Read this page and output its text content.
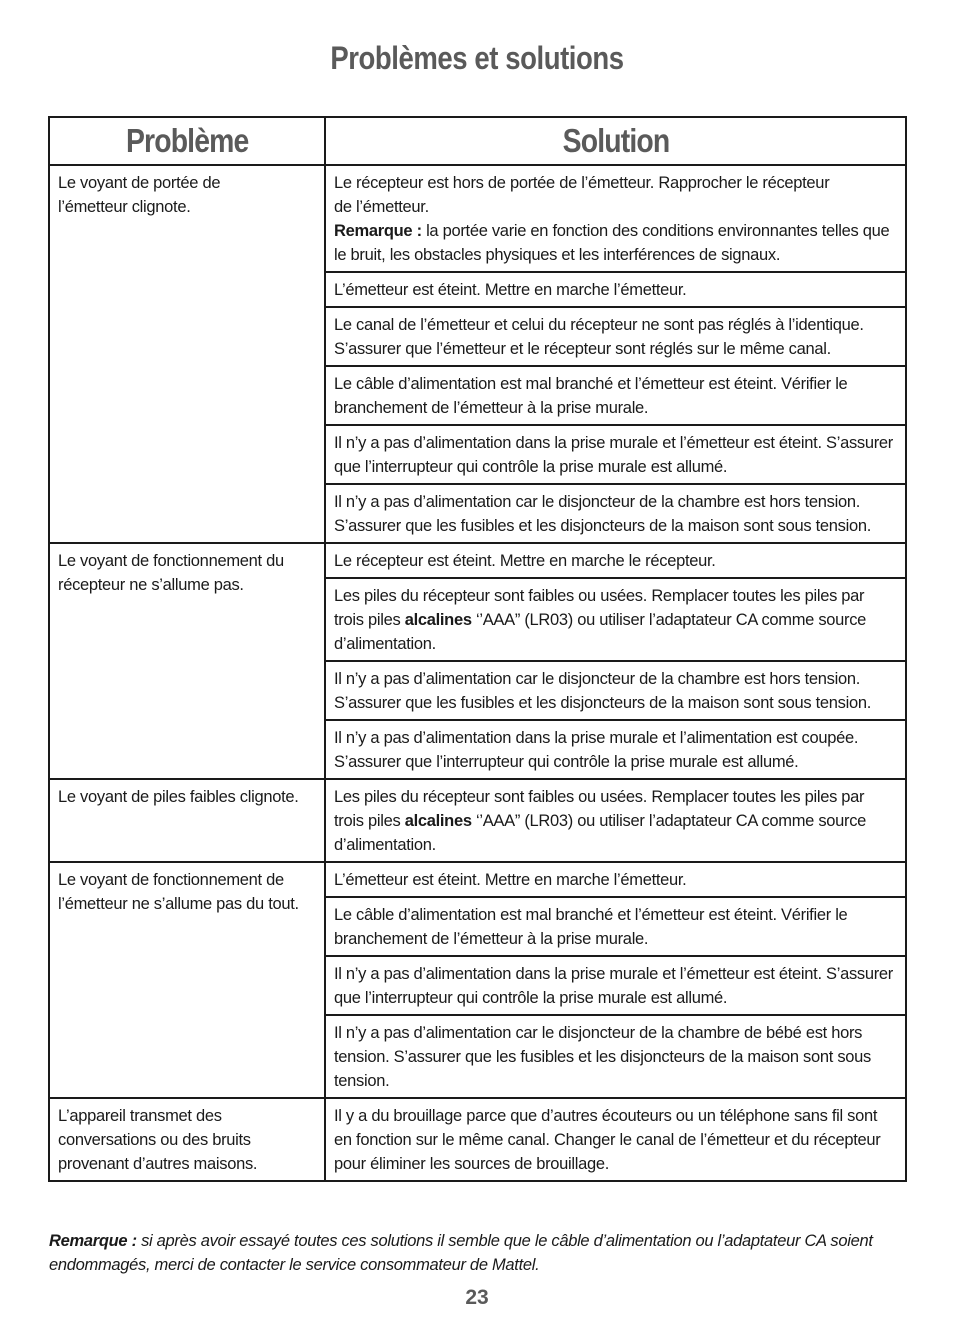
Problèmes et solutions
Problème	Solution
Le voyant de portée de
l’émetteur clignote.	Le récepteur est hors de portée de l’émetteur. Rapprocher le récepteur
de l’émetteur.
Remarque : la portée varie en fonction des conditions environnantes telles que le bruit, les obstacles physiques et les interférences de signaux.
	L’émetteur est éteint. Mettre en marche l’émetteur.
	Le canal de l’émetteur et celui du récepteur ne sont pas réglés à l’identique. S’assurer que l’émetteur et le récepteur sont réglés sur le même canal.
	Le câble d’alimentation est mal branché et l’émetteur est éteint. Vérifier le branchement de l’émetteur à la prise murale.
	Il n’y a pas d’alimentation dans la prise murale et l’émetteur est éteint. S’assurer que l’interrupteur qui contrôle la prise murale est allumé.
	Il n’y a pas d’alimentation car le disjoncteur de la chambre est hors tension. S’assurer que les fusibles et les disjoncteurs de la maison sont sous tension.
Le voyant de fonctionnement du
récepteur ne s’allume pas.	Le récepteur est éteint. Mettre en marche le récepteur.
	Les piles du récepteur sont faibles ou usées. Remplacer toutes les piles par trois piles alcalines ‘’AAA” (LR03) ou utiliser l’adaptateur CA comme source d’alimentation.
	Il n’y a pas d’alimentation car le disjoncteur de la chambre est hors tension. S’assurer que les fusibles et les disjoncteurs de la maison sont sous tension.
	Il n’y a pas d’alimentation dans la prise murale et l’alimentation est coupée. S’assurer que l’interrupteur qui contrôle la prise murale est allumé.
Le voyant de piles faibles clignote.	Les piles du récepteur sont faibles ou usées. Remplacer toutes les piles par trois piles alcalines ‘’AAA” (LR03) ou utiliser l’adaptateur CA comme source d’alimentation.
Le voyant de fonctionnement de
l’émetteur ne s’allume pas du tout.	L’émetteur est éteint. Mettre en marche l’émetteur.
	Le câble d’alimentation est mal branché et l’émetteur est éteint. Vérifier le branchement de l’émetteur à la prise murale.
	Il n’y a pas d’alimentation dans la prise murale et l’émetteur est éteint. S’assurer que l’interrupteur qui contrôle la prise murale est allumé.
	Il n’y a pas d’alimentation car le disjoncteur de la chambre de bébé est hors tension. S’assurer que les fusibles et les disjoncteurs de la maison sont sous tension.
L’appareil transmet des
conversations ou des bruits
provenant d’autres maisons.	Il y a du brouillage parce que d’autres écouteurs ou un téléphone sans fil sont en fonction sur le même canal. Changer le canal de l’émetteur et du récepteur pour éliminer les sources de brouillage.
Remarque : si après avoir essayé toutes ces solutions il semble que le câble d’alimentation ou l’adaptateur CA soient endommagés, merci de contacter le service consommateur de Mattel.
23
